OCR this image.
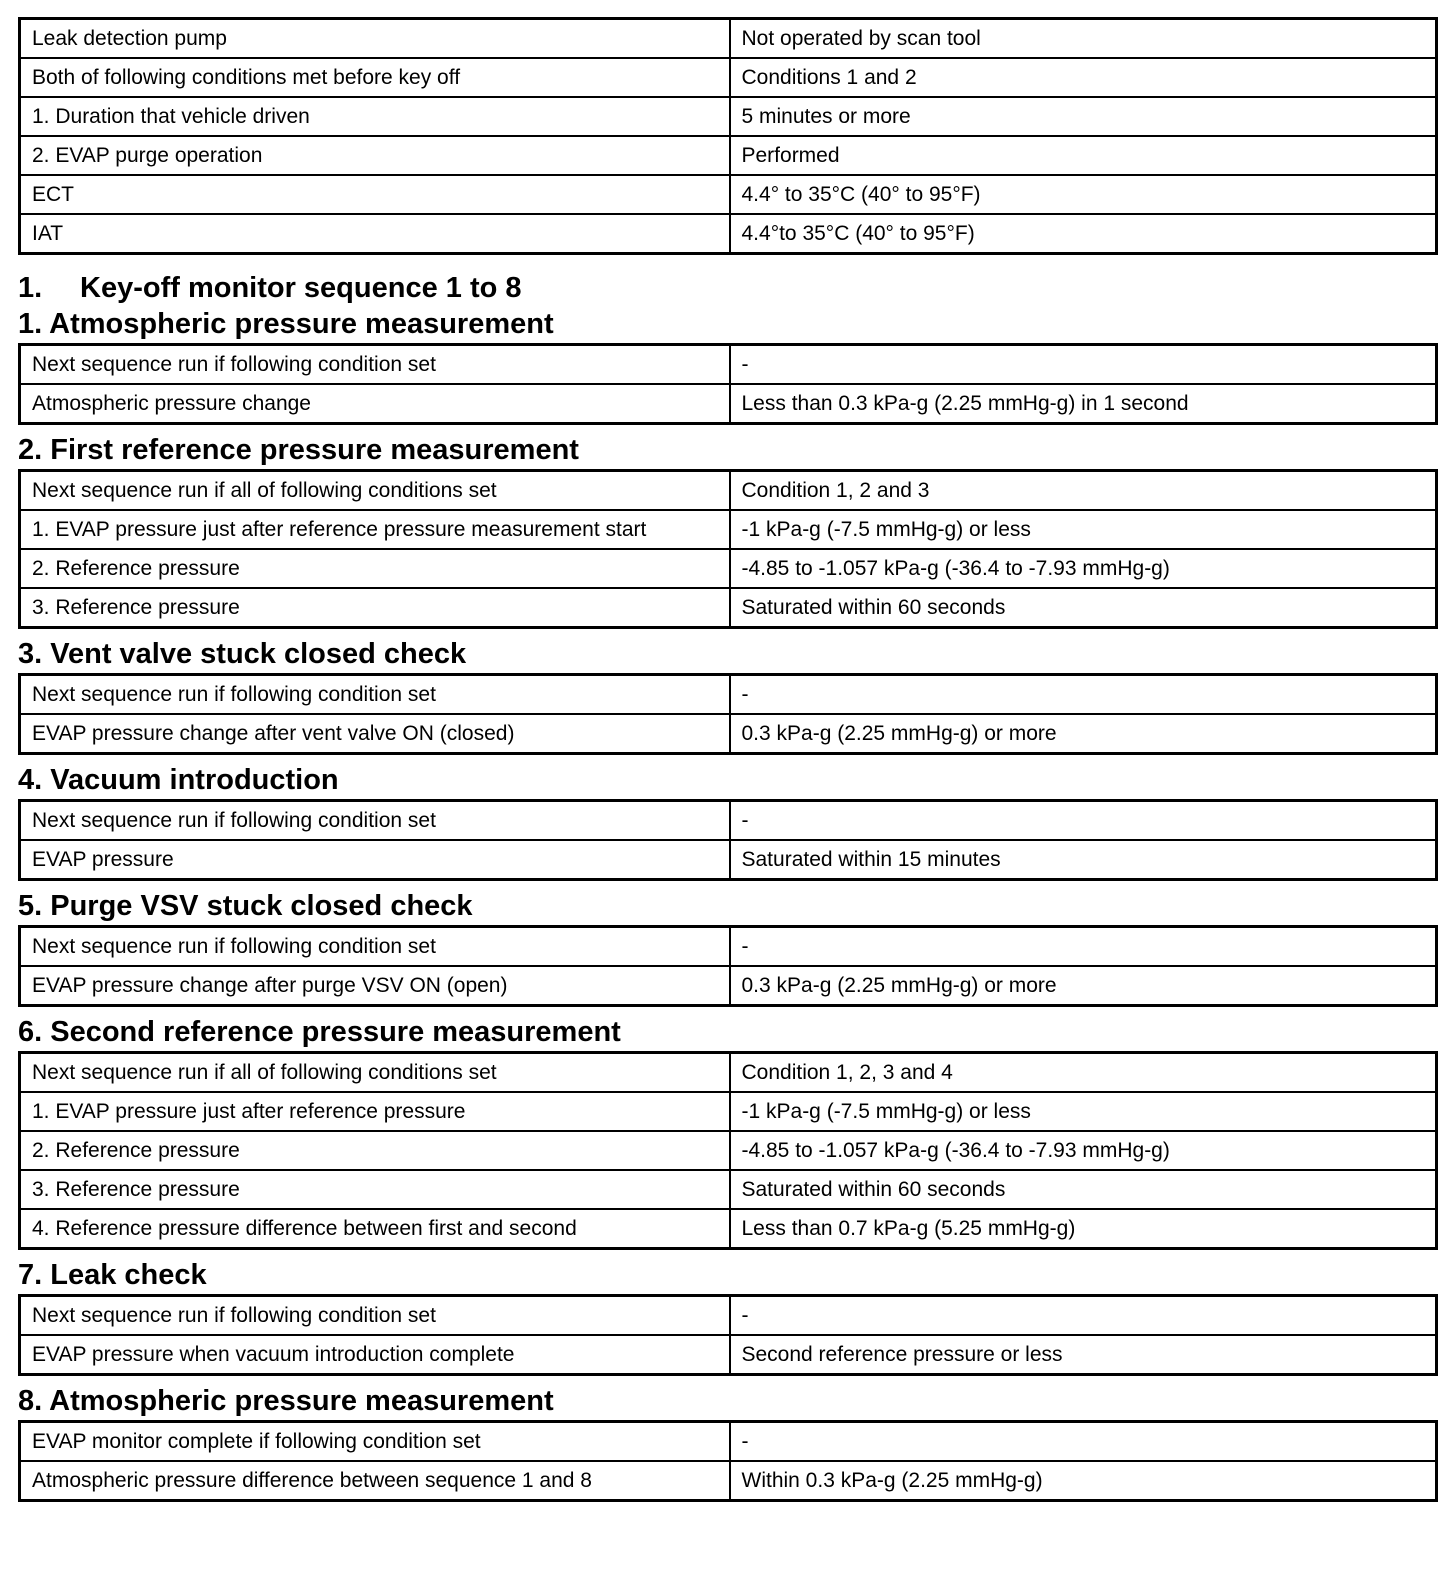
Leak detection pump	Not operated by scan tool
Both of following conditions met before key off	Conditions 1 and 2
1. Duration that vehicle driven	5 minutes or more
2. EVAP purge operation	Performed
ECT	4.4° to 35°C (40° to 95°F)
IAT	4.4°to 35°C (40° to 95°F)
1. Key-off monitor sequence 1 to 8
1. Atmospheric pressure measurement
Next sequence run if following condition set	-
Atmospheric pressure change	Less than 0.3 kPa-g (2.25 mmHg-g) in 1 second
2. First reference pressure measurement
Next sequence run if all of following conditions set	Condition 1, 2 and 3
1. EVAP pressure just after reference pressure measurement start	-1 kPa-g (-7.5 mmHg-g) or less
2. Reference pressure	-4.85 to -1.057 kPa-g (-36.4 to -7.93 mmHg-g)
3. Reference pressure	Saturated within 60 seconds
3. Vent valve stuck closed check
Next sequence run if following condition set	-
EVAP pressure change after vent valve ON (closed)	0.3 kPa-g (2.25 mmHg-g) or more
4. Vacuum introduction
Next sequence run if following condition set	-
EVAP pressure	Saturated within 15 minutes
5. Purge VSV stuck closed check
Next sequence run if following condition set	-
EVAP pressure change after purge VSV ON (open)	0.3 kPa-g (2.25 mmHg-g) or more
6. Second reference pressure measurement
Next sequence run if all of following conditions set	Condition 1, 2, 3 and 4
1. EVAP pressure just after reference pressure	-1 kPa-g (-7.5 mmHg-g) or less
2. Reference pressure	-4.85 to -1.057 kPa-g (-36.4 to -7.93 mmHg-g)
3. Reference pressure	Saturated within 60 seconds
4. Reference pressure difference between first and second	Less than 0.7 kPa-g (5.25 mmHg-g)
7. Leak check
Next sequence run if following condition set	-
EVAP pressure when vacuum introduction complete	Second reference pressure or less
8. Atmospheric pressure measurement
EVAP monitor complete if following condition set	-
Atmospheric pressure difference between sequence 1 and 8	Within 0.3 kPa-g (2.25 mmHg-g)
